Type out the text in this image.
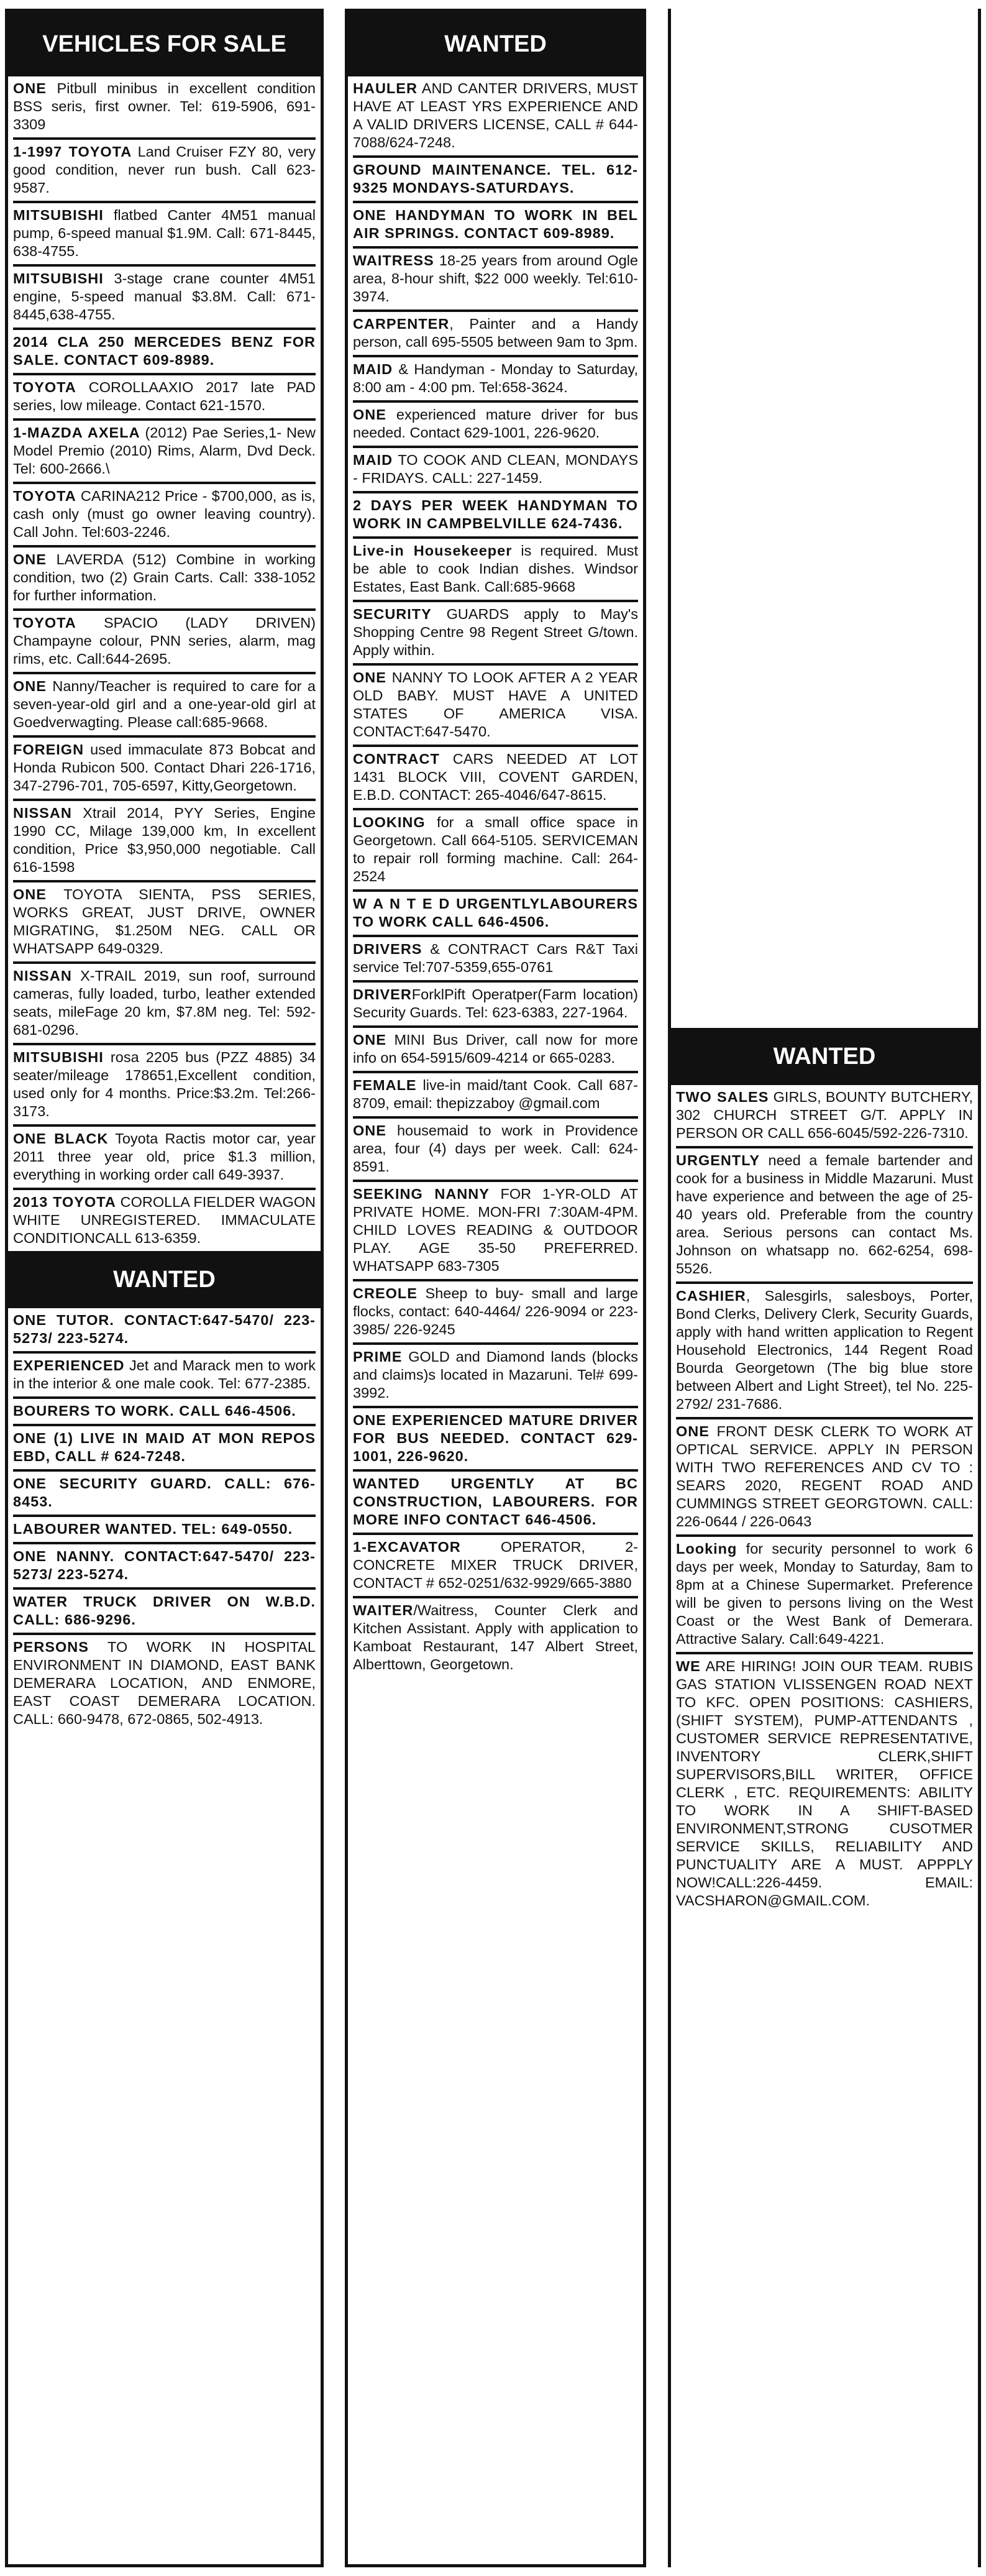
VEHICLES FOR SALE
ONE Pitbull minibus in excellent condition BSS seris, first owner. Tel: 619-5906, 691-3309
1-1997 TOYOTA Land Cruiser FZY 80, very good condition, never run bush. Call 623-9587.
MITSUBISHI flatbed Canter 4M51 manual pump, 6-speed manual $1.9M. Call: 671-8445, 638-4755.
MITSUBISHI 3-stage crane counter 4M51 engine, 5-speed manual $3.8M. Call: 671-8445,638-4755.
2014 CLA 250 MERCEDES BENZ FOR SALE. CONTACT 609-8989.
TOYOTA COROLLAAXIO 2017 late PAD series, low mileage. Contact 621-1570.
1-MAZDA AXELA (2012) Pae Series,1- New Model Premio (2010) Rims, Alarm, Dvd Deck. Tel: 600-2666.\
TOYOTA CARINA212 Price - $700,000, as is, cash only (must go owner leaving country). Call John. Tel:603-2246.
ONE LAVERDA (512) Combine in working condition, two (2) Grain Carts. Call: 338-1052 for further information.
TOYOTA SPACIO (LADY DRIVEN) Champayne colour, PNN series, alarm, mag rims, etc. Call:644-2695.
ONE Nanny/Teacher is required to care for a seven-year-old girl and a one-year-old girl at Goedverwagting. Please call:685-9668.
FOREIGN used immaculate 873 Bobcat and Honda Rubicon 500. Contact Dhari 226-1716, 347-2796-701, 705-6597, Kitty,Georgetown.
NISSAN Xtrail 2014, PYY Series, Engine 1990 CC, Milage 139,000 km, In excellent condition, Price $3,950,000 negotiable. Call 616-1598
ONE TOYOTA SIENTA, PSS SERIES, WORKS GREAT, JUST DRIVE, OWNER MIGRATING, $1.250M NEG. CALL OR WHATSAPP 649-0329.
NISSAN X-TRAIL 2019, sun roof, surround cameras, fully loaded, turbo, leather extended seats, mileFage 20 km, $7.8M neg. Tel: 592-681-0296.
MITSUBISHI rosa 2205 bus (PZZ 4885) 34 seater/mileage 178651,Excellent condition, used only for 4 months. Price:$3.2m. Tel:266-3173.
ONE BLACK Toyota Ractis motor car, year 2011 three year old, price $1.3 million, everything in working order call 649-3937.
2013 TOYOTA COROLLA FIELDER WAGON WHITE UNREGISTERED. IMMACULATE CONDITIONCALL 613-6359.
WANTED
ONE TUTOR. CONTACT:647-5470/ 223-5273/ 223-5274.
EXPERIENCED Jet and Marack men to work in the interior & one male cook. Tel: 677-2385.
BOURERS TO WORK. CALL 646-4506.
ONE (1) LIVE IN MAID AT MON REPOS EBD, CALL # 624-7248.
ONE SECURITY GUARD. CALL: 676-8453.
LABOURER WANTED. TEL: 649-0550.
ONE NANNY. CONTACT:647-5470/ 223-5273/ 223-5274.
WATER TRUCK DRIVER ON W.B.D. CALL: 686-9296.
PERSONS TO WORK IN HOSPITAL ENVIRONMENT IN DIAMOND, EAST BANK DEMERARA LOCATION, AND ENMORE, EAST COAST DEMERARA LOCATION. CALL: 660-9478, 672-0865, 502-4913.
WANTED
HAULER AND CANTER DRIVERS, MUST HAVE AT LEAST YRS EXPERIENCE AND A VALID DRIVERS LICENSE, CALL # 644-7088/624-7248.
GROUND MAINTENANCE. TEL. 612-9325 MONDAYS-SATURDAYS.
ONE HANDYMAN TO WORK IN BEL AIR SPRINGS. CONTACT 609-8989.
WAITRESS 18-25 years from around Ogle area, 8-hour shift, $22 000 weekly. Tel:610-3974.
CARPENTER, Painter and a Handy person, call 695-5505 between 9am to 3pm.
MAID & Handyman - Monday to Saturday, 8:00 am - 4:00 pm. Tel:658-3624.
ONE experienced mature driver for bus needed. Contact 629-1001, 226-9620.
MAID TO COOK AND CLEAN, MONDAYS - FRIDAYS. CALL: 227-1459.
2 DAYS PER WEEK HANDYMAN TO WORK IN CAMPBELVILLE 624-7436.
Live-in Housekeeper is required. Must be able to cook Indian dishes. Windsor Estates, East Bank. Call:685-9668
SECURITY GUARDS apply to May's Shopping Centre 98 Regent Street G/town. Apply within.
ONE NANNY TO LOOK AFTER A 2 YEAR OLD BABY. MUST HAVE A UNITED STATES OF AMERICA VISA. CONTACT:647-5470.
CONTRACT CARS NEEDED AT LOT 1431 BLOCK VIII, COVENT GARDEN, E.B.D. CONTACT: 265-4046/647-8615.
LOOKING for a small office space in Georgetown. Call 664-5105. SERVICEMAN to repair roll forming machine. Call: 264-2524
W A N T E D URGENTLYLABOURERS TO WORK CALL 646-4506.
DRIVERS & CONTRACT Cars R&T Taxi service Tel:707-5359,655-0761
DRIVERForklPift Operatper(Farm location) Security Guards. Tel: 623-6383, 227-1964.
ONE MINI Bus Driver, call now for more info on 654-5915/609-4214 or 665-0283.
FEMALE live-in maid/tant Cook. Call 687-8709, email: thepizzaboy @gmail.com
ONE housemaid to work in Providence area, four (4) days per week. Call: 624-8591.
SEEKING NANNY FOR 1-YR-OLD AT PRIVATE HOME. MON-FRI 7:30AM-4PM. CHILD LOVES READING & OUTDOOR PLAY. AGE 35-50 PREFERRED. WHATSAPP 683-7305
CREOLE Sheep to buy- small and large flocks, contact: 640-4464/ 226-9094 or 223-3985/ 226-9245
PRIME GOLD and Diamond lands (blocks and claims)s located in Mazaruni. Tel# 699-3992.
ONE EXPERIENCED MATURE DRIVER FOR BUS NEEDED. CONTACT 629-1001, 226-9620.
WANTED URGENTLY AT BC CONSTRUCTION, LABOURERS. FOR MORE INFO CONTACT 646-4506.
1-EXCAVATOR OPERATOR, 2- CONCRETE MIXER TRUCK DRIVER, CONTACT # 652-0251/632-9929/665-3880
WAITER/Waitress, Counter Clerk and Kitchen Assistant. Apply with application to Kamboat Restaurant, 147 Albert Street, Alberttown, Georgetown.
WANTED
TWO SALES GIRLS, BOUNTY BUTCHERY, 302 CHURCH STREET G/T. APPLY IN PERSON OR CALL 656-6045/592-226-7310.
URGENTLY need a female bartender and cook for a business in Middle Mazaruni. Must have experience and between the age of 25-40 years old. Preferable from the country area. Serious persons can contact Ms. Johnson on whatsapp no. 662-6254, 698-5526.
CASHIER, Salesgirls, salesboys, Porter, Bond Clerks, Delivery Clerk, Security Guards, apply with hand written application to Regent Household Electronics, 144 Regent Road Bourda Georgetown (The big blue store between Albert and Light Street), tel No. 225-2792/ 231-7686.
ONE FRONT DESK CLERK TO WORK AT OPTICAL SERVICE. APPLY IN PERSON WITH TWO REFERENCES AND CV TO : SEARS 2020, REGENT ROAD AND CUMMINGS STREET GEORGTOWN. CALL: 226-0644 / 226-0643
Looking for security personnel to work 6 days per week, Monday to Saturday, 8am to 8pm at a Chinese Supermarket. Preference will be given to persons living on the West Coast or the West Bank of Demerara. Attractive Salary. Call:649-4221.
WE ARE HIRING! JOIN OUR TEAM. RUBIS GAS STATION VLISSENGEN ROAD NEXT TO KFC. OPEN POSITIONS: CASHIERS, (SHIFT SYSTEM), PUMP-ATTENDANTS , CUSTOMER SERVICE REPRESENTATIVE, INVENTORY CLERK,SHIFT SUPERVISORS,BILL WRITER, OFFICE CLERK , ETC. REQUIREMENTS: ABILITY TO WORK IN A SHIFT-BASED ENVIRONMENT,STRONG CUSOTMER SERVICE SKILLS, RELIABILITY AND PUNCTUALITY ARE A MUST. APPPLY NOW!CALL:226-4459. EMAIL: VACSHARON@GMAIL.COM.
